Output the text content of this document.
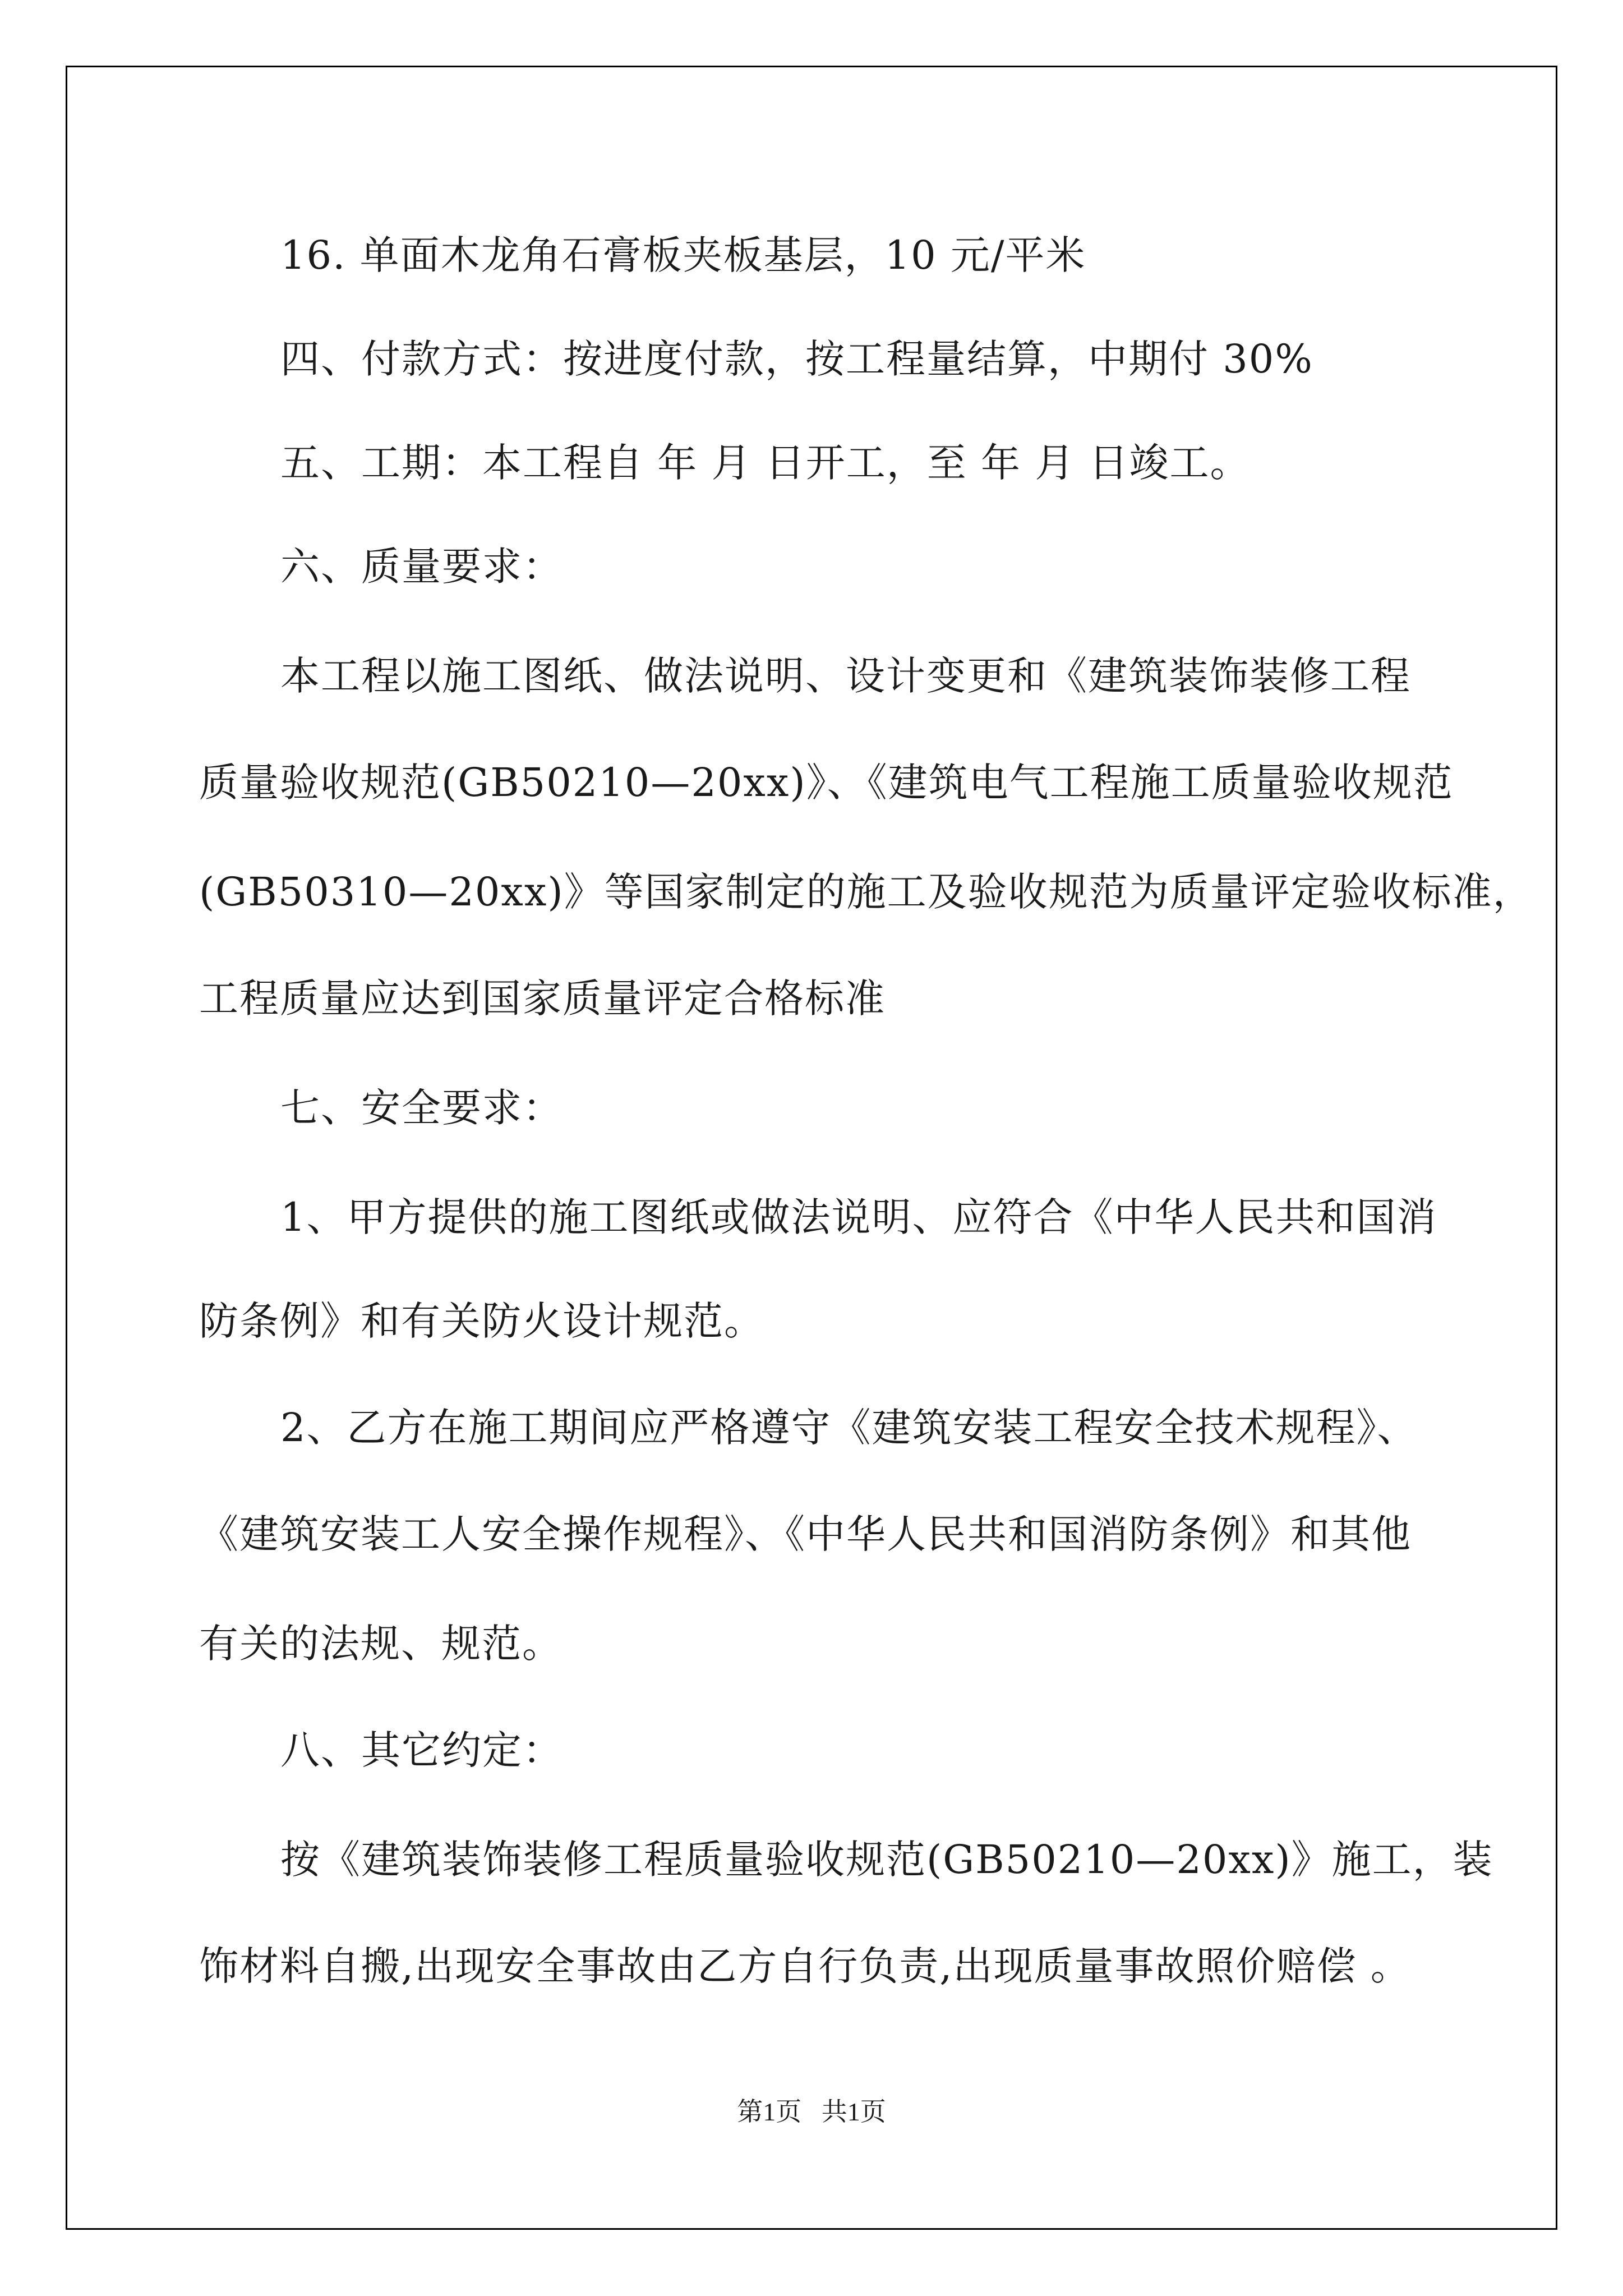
16. 单面木龙角石膏板夹板基层，10 元/平米
四、付款方式：按进度付款，按工程量结算，中期付 30%
五、工期：本工程自 年 月 日开工，至 年 月 日竣工。
六、质量要求：
本工程以施工图纸、做法说明、设计变更和《建筑装饰装修工程
质量验收规范(GB50210—20xx)》、《建筑电气工程施工质量验收规范
(GB50310—20xx)》等国家制定的施工及验收规范为质量评定验收标准，
工程质量应达到国家质量评定合格标准
七、安全要求：
1、甲方提供的施工图纸或做法说明、应符合《中华人民共和国消
防条例》和有关防火设计规范。
2、乙方在施工期间应严格遵守《建筑安装工程安全技术规程》、
《建筑安装工人安全操作规程》、《中华人民共和国消防条例》和其他
有关的法规、规范。
八、其它约定：
按《建筑装饰装修工程质量验收规范(GB50210—20xx)》施工，装
饰材料自搬,出现安全事故由乙方自行负责,出现质量事故照价赔偿 。
第1页 共1页
